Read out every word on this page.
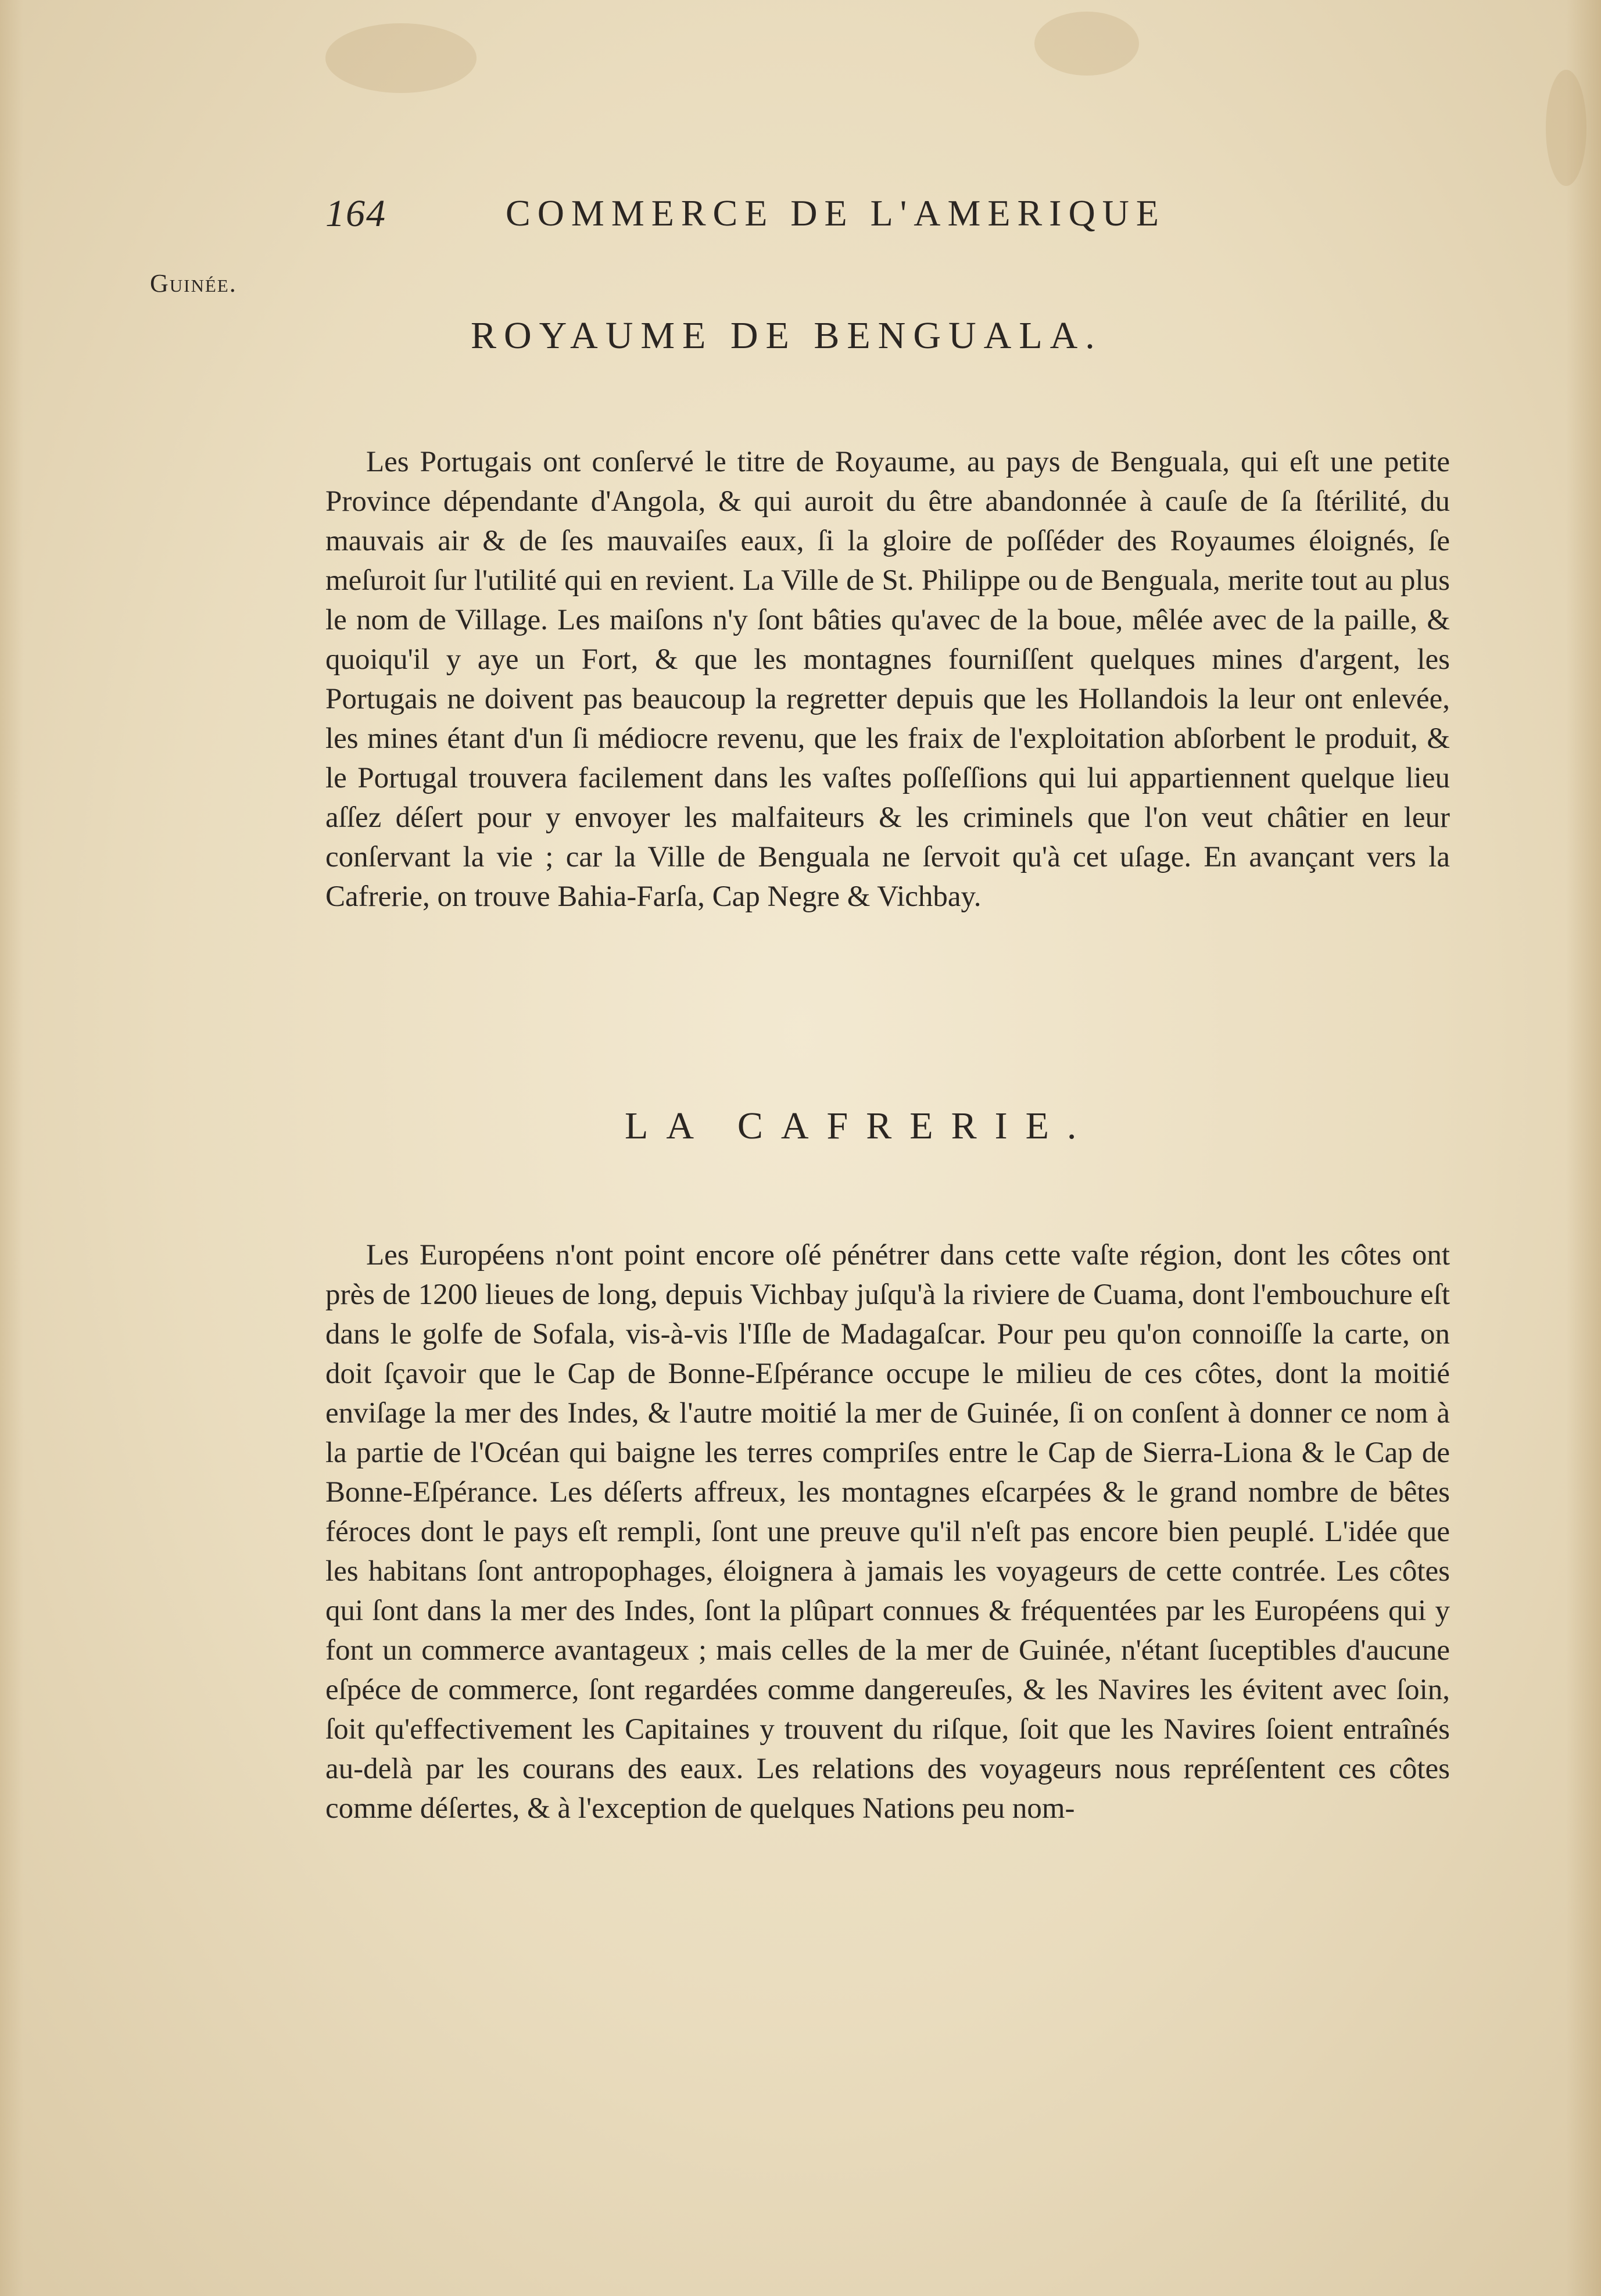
164	COMMERCE DE L'AMERIQUE
Guinée.
ROYAUME DE BENGUALA.

Les Portugais ont conſervé le titre de Royaume, au pays de Benguala, qui eſt une petite Province dépendante d'Angola, & qui auroit du être abandonnée à cauſe de ſa ſtérilité, du mauvais air & de ſes mauvaiſes eaux, ſi la gloire de poſſéder des Royaumes éloignés, ſe meſuroit ſur l'utilité qui en revient. La Ville de St. Philippe ou de Benguala, merite tout au plus le nom de Village. Les maiſons n'y ſont bâties qu'avec de la boue, mêlée avec de la paille, & quoiqu'il y aye un Fort, & que les montagnes fourniſſent quelques mines d'argent, les Portugais ne doivent pas beaucoup la regretter depuis que les Hollandois la leur ont enlevée, les mines étant d'un ſi médiocre revenu, que les fraix de l'exploitation abſorbent le produit, & le Portugal trouvera facilement dans les vaſtes poſſeſſions qui lui appartiennent quelque lieu aſſez déſert pour y envoyer les malfaiteurs & les criminels que l'on veut châtier en leur conſervant la vie ; car la Ville de Benguala ne ſervoit qu'à cet uſage. En avançant vers la Cafrerie, on trouve Bahia-Farſa, Cap Negre & Vichbay.

LA CAFRERIE.

Les Européens n'ont point encore oſé pénétrer dans cette vaſte région, dont les côtes ont près de 1200 lieues de long, depuis Vichbay juſqu'à la riviere de Cuama, dont l'embouchure eſt dans le golfe de Sofala, vis-à-vis l'Iſle de Madagaſcar. Pour peu qu'on connoiſſe la carte, on doit ſçavoir que le Cap de Bonne-Eſpérance occupe le milieu de ces côtes, dont la moitié enviſage la mer des Indes, & l'autre moitié la mer de Guinée, ſi on conſent à donner ce nom à la partie de l'Océan qui baigne les terres compriſes entre le Cap de Sierra-Liona & le Cap de Bonne-Eſpérance. Les déſerts affreux, les montagnes eſcarpées & le grand nombre de bêtes féroces dont le pays eſt rempli, ſont une preuve qu'il n'eſt pas encore bien peuplé. L'idée que les habitans ſont antropophages, éloignera à jamais les voyageurs de cette contrée. Les côtes qui ſont dans la mer des Indes, ſont la plûpart connues & fréquentées par les Européens qui y font un commerce avantageux ; mais celles de la mer de Guinée, n'étant ſuceptibles d'aucune eſpéce de commerce, ſont regardées comme dangereuſes, & les Navires les évitent avec ſoin, ſoit qu'effectivement les Capitaines y trouvent du riſque, ſoit que les Navires ſoient entraînés au-delà par les courans des eaux. Les relations des voyageurs nous repréſentent ces côtes comme déſertes, & à l'exception de quelques Nations peu nom-
